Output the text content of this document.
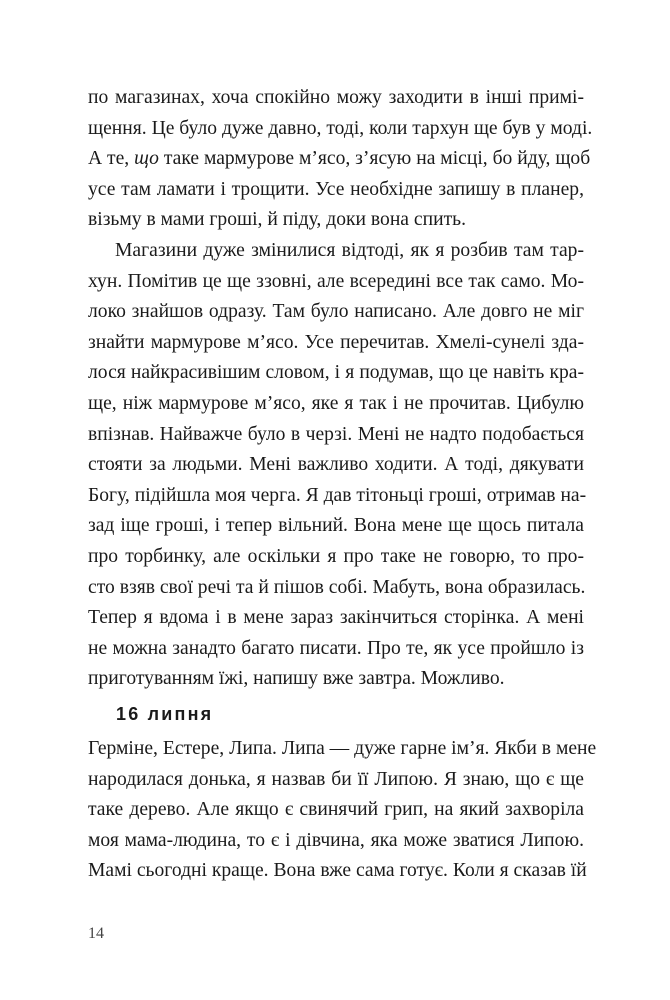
по магазинах, хоча спокійно можу заходити в інші примі-
щення. Це було дуже давно, тоді, коли тархун ще був у моді.
А те, що таке мармурове м’ясо, з’ясую на місці, бо йду, щоб
усе там ламати і трощити. Усе необхідне запишу в планер,
візьму в мами гроші, й піду, доки вона спить.
Магазини дуже змінилися відтоді, як я розбив там тар-
хун. Помітив це ще ззовні, але всередині все так само. Мо-
локо знайшов одразу. Там було написано. Але довго не міг
знайти мармурове м’ясо. Усе перечитав. Хмелі-сунелі зда-
лося найкрасивішим словом, і я подумав, що це навіть кра-
ще, ніж мармурове м’ясо, яке я так і не прочитав. Цибулю
впізнав. Найважче було в черзі. Мені не надто подобається
стояти за людьми. Мені важливо ходити. А тоді, дякувати
Богу, підійшла моя черга. Я дав тітоньці гроші, отримав на-
зад іще гроші, і тепер вільний. Вона мене ще щось питала
про торбинку, але оскільки я про таке не говорю, то про-
сто взяв свої речі та й пішов собі. Мабуть, вона образилась.
Тепер я вдома і в мене зараз закінчиться сторінка. А мені
не можна занадто багато писати. Про те, як усе пройшло із
приготуванням їжі, напишу вже завтра. Можливо.
16 липня
Герміне, Естере, Липа. Липа — дуже гарне ім’я. Якби в мене
народилася донька, я назвав би її Липою. Я знаю, що є ще
таке дерево. Але якщо є свинячий грип, на який захворіла
моя мама-людина, то є і дівчина, яка може зватися Липою.
Мамі сьогодні краще. Вона вже сама готує. Коли я сказав їй
14
